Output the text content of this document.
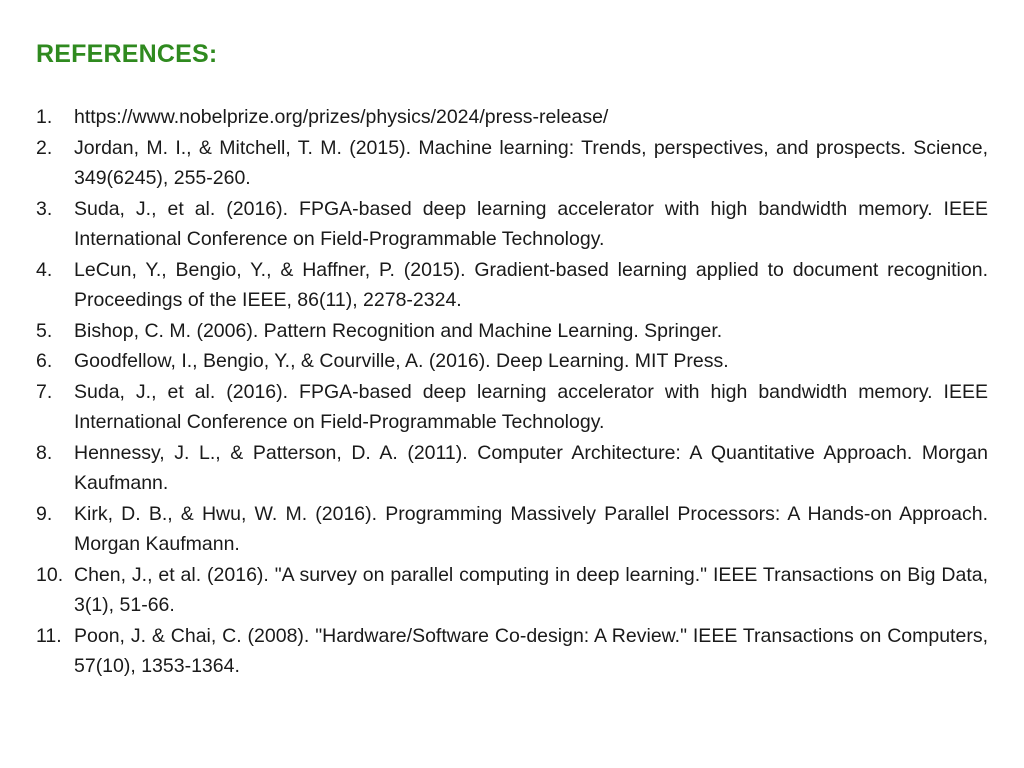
REFERENCES:
1.	https://www.nobelprize.org/prizes/physics/2024/press-release/
2.	Jordan, M. I., & Mitchell, T. M. (2015). Machine learning: Trends, perspectives, and prospects. Science, 349(6245), 255-260.
3.	Suda, J., et al. (2016). FPGA-based deep learning accelerator with high bandwidth memory. IEEE International Conference on Field-Programmable Technology.
4.	LeCun, Y., Bengio, Y., & Haffner, P. (2015). Gradient-based learning applied to document recognition. Proceedings of the IEEE, 86(11), 2278-2324.
5.	Bishop, C. M. (2006). Pattern Recognition and Machine Learning. Springer.
6.	Goodfellow, I., Bengio, Y., & Courville, A. (2016). Deep Learning. MIT Press.
7.	Suda, J., et al. (2016). FPGA-based deep learning accelerator with high bandwidth memory. IEEE International Conference on Field-Programmable Technology.
8.	Hennessy, J. L., & Patterson, D. A. (2011). Computer Architecture: A Quantitative Approach. Morgan Kaufmann.
9.	Kirk, D. B., & Hwu, W. M. (2016). Programming Massively Parallel Processors: A Hands-on Approach. Morgan Kaufmann.
10. Chen, J., et al. (2016). "A survey on parallel computing in deep learning." IEEE Transactions on Big Data, 3(1), 51-66.
11. Poon, J. & Chai, C. (2008). "Hardware/Software Co-design: A Review." IEEE Transactions on Computers, 57(10), 1353-1364.
